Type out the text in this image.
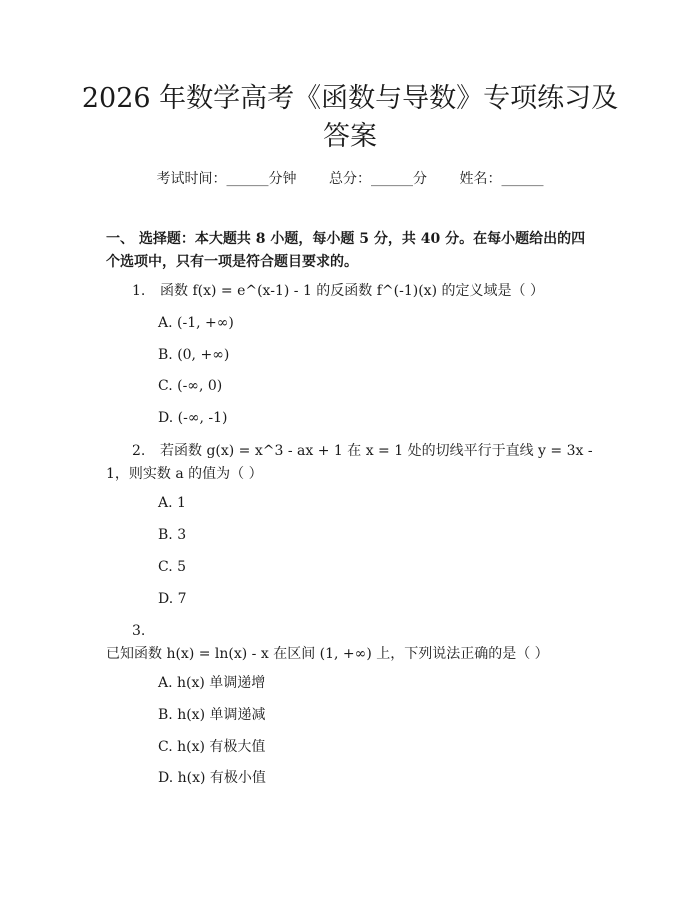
2026 年数学高考《函数与导数》专项练习及答案
考试时间：______分钟 总分：______分 姓名：______

一、 选择题：本大题共 8 小题，每小题 5 分，共 40 分。在每小题给出的四个选项中，只有一项是符合题目要求的。

1. 函数 f(x) = e^(x-1) - 1 的反函数 f^(-1)(x) 的定义域是（ ）
A. (-1, +∞)
B. (0, +∞)
C. (-∞, 0)
D. (-∞, -1)
2. 若函数 g(x) = x^3 - ax + 1 在 x = 1 处的切线平行于直线 y = 3x - 1，则实数 a 的值为（ ）
A. 1
B. 3
C. 5
D. 7
3.已知函数 h(x) = ln(x) - x 在区间 (1, +∞) 上，下列说法正确的是（ ）
A. h(x) 单调递增
B. h(x) 单调递减
C. h(x) 有极大值
D. h(x) 有极小值
